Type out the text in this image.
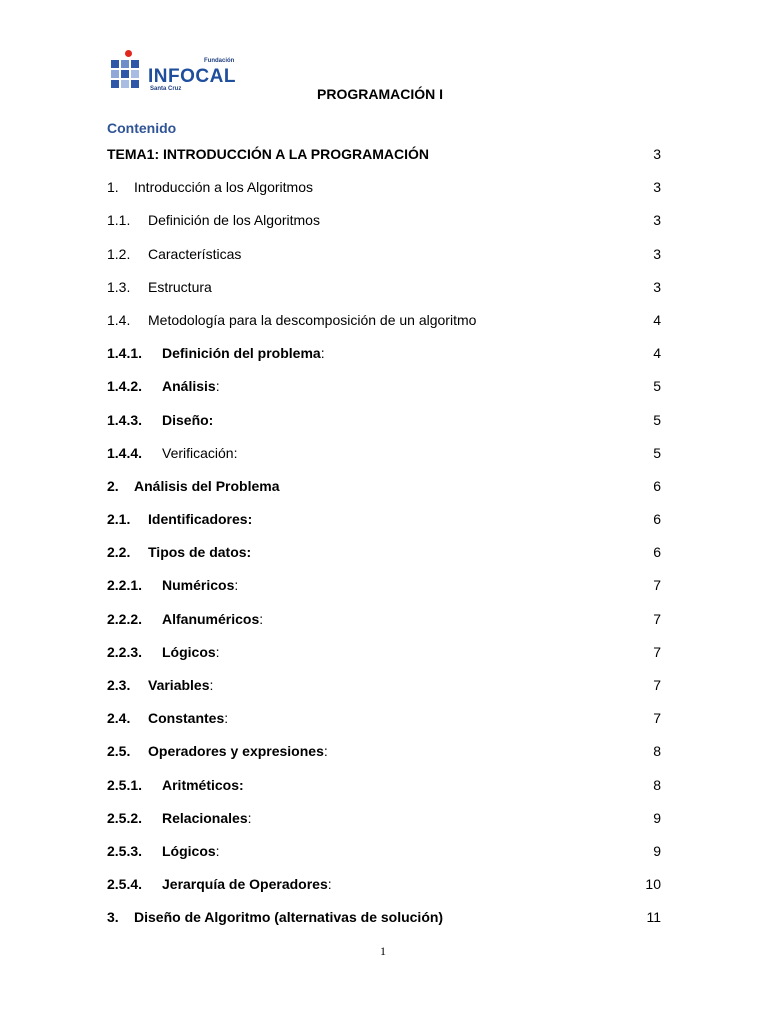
Fundación
INFOCAL
Santa Cruz	PROGRAMACIÓN I
Contenido
TEMA1: INTRODUCCIÓN A LA PROGRAMACIÓN	3
1. Introducción a los Algoritmos	3
1.1. Definición de los Algoritmos	3
1.2. Características	3
1.3. Estructura	3
1.4. Metodología para la descomposición de un algoritmo	4
1.4.1. Definición del problema:	4
1.4.2. Análisis:	5
1.4.3. Diseño:	5
1.4.4. Verificación:	5
2. Análisis del Problema	6
2.1. Identificadores:	6
2.2. Tipos de datos:	6
2.2.1. Numéricos:	7
2.2.2. Alfanuméricos:	7
2.2.3. Lógicos:	7
2.3. Variables:	7
2.4. Constantes:	7
2.5. Operadores y expresiones:	8
2.5.1. Aritméticos:	8
2.5.2. Relacionales:	9
2.5.3. Lógicos:	9
2.5.4. Jerarquía de Operadores:	10
3. Diseño de Algoritmo (alternativas de solución)	11
1
